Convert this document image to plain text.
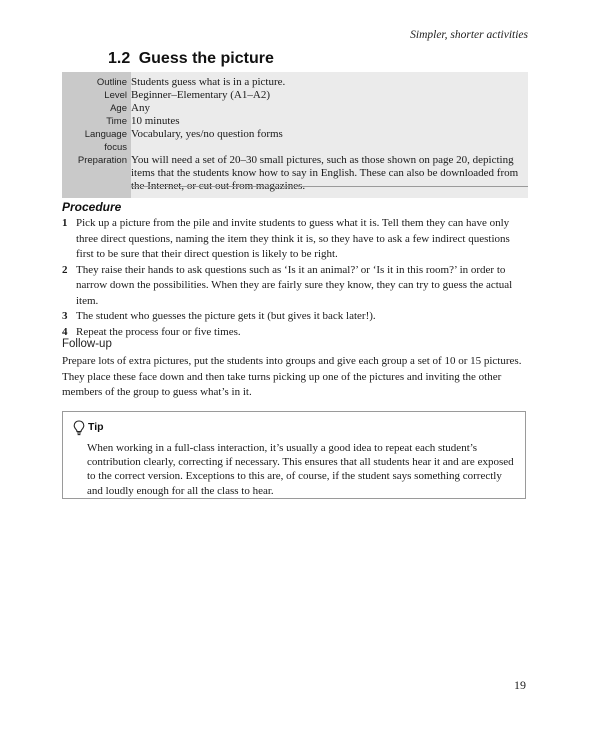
Simpler, shorter activities
1.2 Guess the picture
Outline	Students guess what is in a picture.
Level	Beginner–Elementary (A1–A2)
Age	Any
Time	10 minutes
Language focus	Vocabulary, yes/no question forms
Preparation	You will need a set of 20–30 small pictures, such as those shown on page 20, depicting items that the students know how to say in English. These can also be downloaded from the Internet, or cut out from magazines.
Procedure
1 Pick up a picture from the pile and invite students to guess what it is. Tell them they can have only three direct questions, naming the item they think it is, so they have to ask a few indirect questions first to be sure that their direct question is likely to be right.
2 They raise their hands to ask questions such as ‘Is it an animal?’ or ‘Is it in this room?’ in order to narrow down the possibilities. When they are fairly sure they know, they can try to guess the actual item.
3 The student who guesses the picture gets it (but gives it back later!).
4 Repeat the process four or five times.
Follow-up
Prepare lots of extra pictures, put the students into groups and give each group a set of 10 or 15 pictures. They place these face down and then take turns picking up one of the pictures and inviting the other members of the group to guess what’s in it.
Tip
When working in a full-class interaction, it’s usually a good idea to repeat each student’s contribution clearly, correcting if necessary. This ensures that all students hear it and are exposed to the correct version. Exceptions to this are, of course, if the student says something correctly and loudly enough for all the class to hear.
19
